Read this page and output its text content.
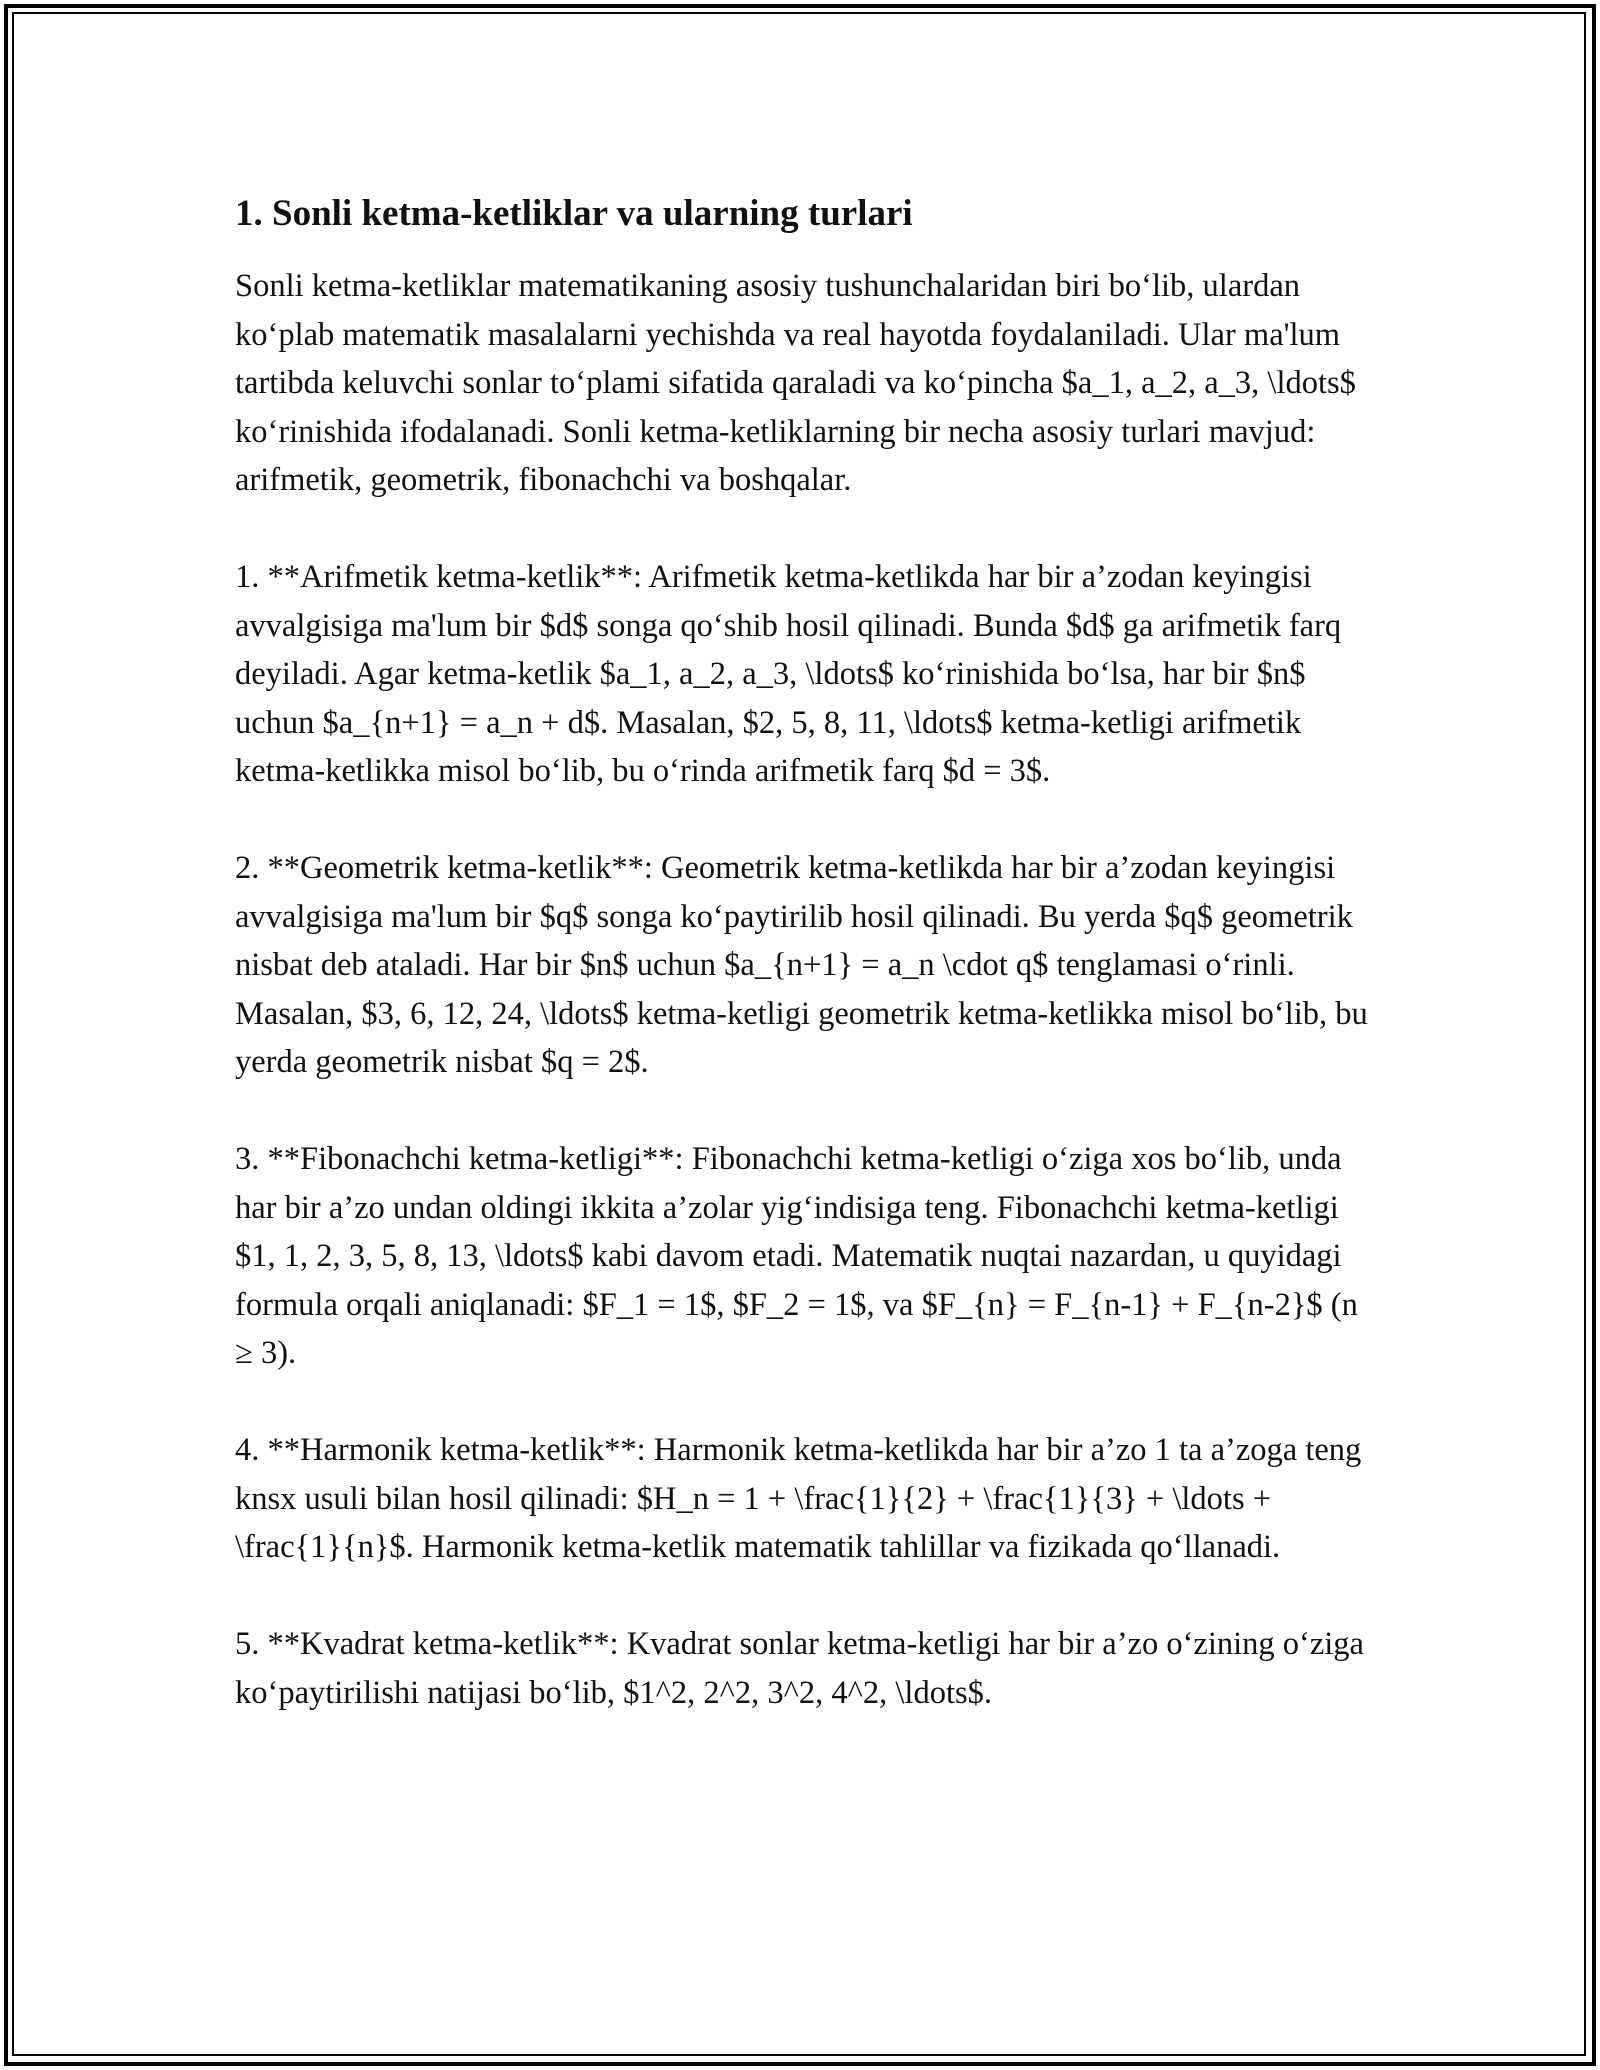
1. Sonli ketma-ketliklar va ularning turlari

Sonli ketma-ketliklar matematikaning asosiy tushunchalaridan biri bo‘lib, ulardan ko‘plab matematik masalalarni yechishda va real hayotda foydalaniladi. Ular ma'lum tartibda keluvchi sonlar to‘plami sifatida qaraladi va ko‘pincha $a_1, a_2, a_3, \ldots$ ko‘rinishida ifodalanadi. Sonli ketma-ketliklarning bir necha asosiy turlari mavjud: arifmetik, geometrik, fibonachchi va boshqalar.

1. **Arifmetik ketma-ketlik**: Arifmetik ketma-ketlikda har bir a’zodan keyingisi avvalgisiga ma'lum bir $d$ songa qo‘shib hosil qilinadi. Bunda $d$ ga arifmetik farq deyiladi. Agar ketma-ketlik $a_1, a_2, a_3, \ldots$ ko‘rinishida bo‘lsa, har bir $n$ uchun $a_{n+1} = a_n + d$. Masalan, $2, 5, 8, 11, \ldots$ ketma-ketligi arifmetik ketma-ketlikka misol bo‘lib, bu o‘rinda arifmetik farq $d = 3$.

2. **Geometrik ketma-ketlik**: Geometrik ketma-ketlikda har bir a’zodan keyingisi avvalgisiga ma'lum bir $q$ songa ko‘paytirilib hosil qilinadi. Bu yerda $q$ geometrik nisbat deb ataladi. Har bir $n$ uchun $a_{n+1} = a_n \cdot q$ tenglamasi o‘rinli. Masalan, $3, 6, 12, 24, \ldots$ ketma-ketligi geometrik ketma-ketlikka misol bo‘lib, bu yerda geometrik nisbat $q = 2$.

3. **Fibonachchi ketma-ketligi**: Fibonachchi ketma-ketligi o‘ziga xos bo‘lib, unda har bir a’zo undan oldingi ikkita a’zolar yig‘indisiga teng. Fibonachchi ketma-ketligi $1, 1, 2, 3, 5, 8, 13, \ldots$ kabi davom etadi. Matematik nuqtai nazardan, u quyidagi formula orqali aniqlanadi: $F_1 = 1$, $F_2 = 1$, va $F_{n} = F_{n-1} + F_{n-2}$ (n ≥ 3).

4. **Harmonik ketma-ketlik**: Harmonik ketma-ketlikda har bir a’zo 1 ta a’zoga teng knsx usuli bilan hosil qilinadi: $H_n = 1 + \frac{1}{2} + \frac{1}{3} + \ldots + \frac{1}{n}$. Harmonik ketma-ketlik matematik tahlillar va fizikada qo‘llanadi.

5. **Kvadrat ketma-ketlik**: Kvadrat sonlar ketma-ketligi har bir a’zo o‘zining o‘ziga ko‘paytirilishi natijasi bo‘lib, $1^2, 2^2, 3^2, 4^2, \ldots$.
